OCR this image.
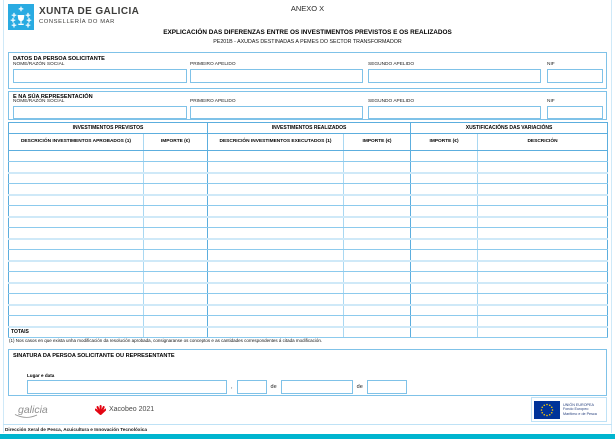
XUNTA DE GALICIA
CONSELLERÍA DO MAR
ANEXO X
EXPLICACIÓN DAS DIFERENZAS ENTRE OS INVESTIMENTOS PREVISTOS E OS REALIZADOS
PE201B - AXUDAS DESTINADAS A PEMES DO SECTOR TRANSFORMADOR
DATOS DA PERSOA SOLICITANTE
NOME/RAZÓN SOCIAL	PRIMEIRO APELIDO	SEGUNDO APELIDO	NIF
E NA SÚA REPRESENTACIÓN
NOME/RAZÓN SOCIAL	PRIMEIRO APELIDO	SEGUNDO APELIDO	NIF
INVESTIMENTOS PREVISTOS		INVESTIMENTOS REALIZADOS		XUSTIFICACIÓNS DAS VARIACIÓNS	
DESCRICIÓN INVESTIMENTOS APROBADOS (1)	IMPORTE (€)	DESCRICIÓN INVESTIMENTOS EXECUTADOS (1)	IMPORTE (€)	IMPORTE (€)	DESCRICIÓN

TOTAIS					
(1) Nos casos en que exista unha modificación da resolución aprobada, consignaranse os conceptos e as cantidades correspondentes á citada modificación.
SINATURA DA PERSOA SOLICITANTE OU REPRESENTANTE
Lugar e data
,	de	de
galicia	Xacobeo 2021
UNIÓN EUROPEA
Fondo Europeo
Marítimo e de Pesca
Dirección Xeral de Pesca, Acuicultura e Innovación Tecnolóxica
